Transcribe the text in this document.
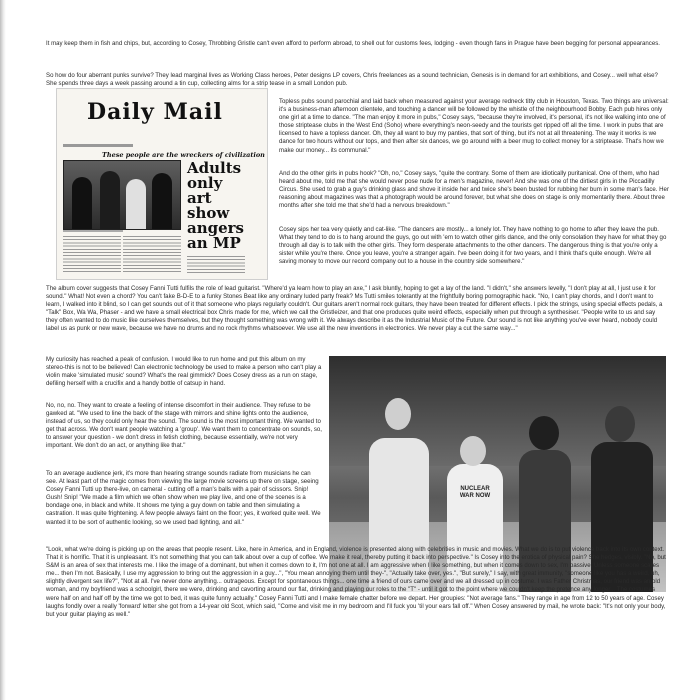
It may keep them in fish and chips, but, according to Cosey, Throbbing Gristle can't even afford to perform abroad, to shell out for customs fees, lodging - even though fans in Prague have been begging for personal appearances.

So how do four aberrant punks survive? They lead marginal lives as Working Class heroes, Peter designs LP covers, Chris freelances as a sound technician, Genesis is in demand for art exhibitions, and Cosey... well what else? She spends three days a week passing around a tin cup, collecting alms for a strip tease in a small London pub.

Daily Mail
These people are the wreckers of civilization
Adults
only
art
show
angers
an MP

Topless pubs sound parochial and laid back when measured against your average redneck titty club in Houston, Texas. Two things are universal: it's a business-man afternoon clientele, and touching a dancer will be followed by the whistle of the neighbourhood Bobby. Each pub hires only one girl at a time to dance. "The man enjoy it more in pubs," Cosey says, "because they're involved, it's personal, it's not like walking into one of those striptease clubs in the West End (Soho) where everything's neon-seedy and the tourists get ripped off all the time. I work in pubs that are licensed to have a topless dancer. Oh, they all want to buy my panties, that sort of thing, but it's not at all threatening. The way it works is we dance for two hours without our tops, and then after six dances, we go around with a beer mug to collect money for a striptease. That's how we make our money... its communal."

And do the other girls in pubs hook? "Oh, no," Cosey says, "quite the contrary. Some of them are idiotically puritanical. One of them, who had heard about me, told me that she would never pose nude for a men's magazine, never! And she was one of the dirtiest girls in the Piccadilly Circus. She used to grab a guy's drinking glass and shove it inside her and twice she's been busted for rubbing her bum in some man's face. Her reasoning about magazines was that a photograph would be around forever, but what she does on stage is only momentarily there. About three months after she told me that she'd had a nervous breakdown."

Cosey sips her tea very quietly and cat-like. "The dancers are mostly... a lonely lot. They have nothing to go home to after they leave the pub. What they tend to do is to hang around the guys, go out with 'em to watch other girls dance, and the only consolation they have for what they go through all day is to talk with the other girls. They form desperate attachments to the other dancers. The dangerous thing is that you're only a sister while you're there. Once you leave, you're a stranger again. I've been doing it for two years, and I think that's quite enough. We're all saving money to move our record company out to a house in the country side somewhere."

The album cover suggests that Cosey Fanni Tutti fulfils the role of lead guitarist. "Where'd ya learn how to play an axe," I ask bluntly, hoping to get a lay of the land. "I didn't," she answers levelly, "I don't play at all, I just use it for sound." What! Not even a chord? You can't fake B-D-E to a funky Stones Beat like any ordinary luded party freak? Ms Tutti smiles tolerantly at the frightfully boring pornographic hack. "No, I can't play chords, and I don't want to learn, I walked into it blind, so I can get sounds out of it that someone who plays regularly couldn't. Our guitars aren't normal rock guitars, they have been treated for different effects. I pick the strings, using special effects pedals, a "Talk" Box, Wa Wa, Phaser - and we have a small electrical box Chris made for me, which we call the Gristleizer, and that one produces quite weird effects, especially when put through a synthesiser. "People write to us and say they often wanted to do music like ourselves themselves, but they thought something was wrong with it. We always describe it as the Industrial Music of the Future. Our sound is not like anything you've ever heard, nobody could label us as punk or new wave, because we have no drums and no rock rhythms whatsoever. We use all the new inventions in electronics. We never play a cut the same way..."

My curiosity has reached a peak of confusion. I would like to run home and put this album on my stereo-this is not to be believed! Can electronic technology be used to make a person who can't play a violin make 'simulated music' sound? What's the real gimmick? Does Cosey dress as a run on stage, defiling herself with a crucifix and a handy bottle of catsup in hand.

No, no, no. They want to create a feeling of intense discomfort in their audience. They refuse to be gawked at. "We used to line the back of the stage with mirrors and shine lights onto the audience, instead of us, so they could only hear the sound. The sound is the most important thing. We wanted to get that across. We don't want people watching a 'group'. We want them to concentrate on sounds, so, to answer your question - we don't dress in fetish clothing, because essentially, we're not very important. We don't do an act, or anything like that."

To an average audience jerk, it's more than hearing strange sounds radiate from musicians he can see. At least part of the magic comes from viewing the large movie screens up there on stage, seeing Cosey Fanni Tutti up there-live, on cameral - cutting off a man's balls with a pair of scissors. Snip! Gush! Snip! "We made a film which we often show when we play live, and one of the scenes is a bondage one, in black and white. It shows me tying a guy down on table and then simulating a castration. It was quite frightening. A few people always faint on the floor; yes, it worked quite well. We wanted it to be sort of authentic looking, so we used bad lighting, and all."

NUCLEAR WAR NOW

"Look, what we're doing is picking up on the areas that people resent. Like, here in America, and in England, violence is presented along with celebrities in music and movies. What we do is to put violence back into its own context. That it is horrific. That it is unpleasant. It's not something that you can talk about over a cup of coffee. We make it real, thereby putting it back into perspective." Is Cosey into the erotica of physical pain? She hedges, visibly. "No, but S&M is an area of sex that interests me. I like the image of a dominant, but when it comes down to it, I'm not one at all. I am aggressive when I like something, but when it comes down to sex, I'm passive. Unless someone scares me... then I'm not. Basically, I use my aggression to bring out the aggression in a guy...", "You mean annoying them until they-", "Actually take over, yes.", "But surely," I say, with great immunity, "someone like you has a weird, uh, slightly divergent sex life?", "Not at all. I've never done anything... outrageous. Except for spontaneous things... one time a friend of ours came over and we all dressed up in costume. I was Father Christmas, our friend was an old woman, and my boyfriend was a schoolgirl, there we were, drinking and cavorting around our flat, drinking and playing our roles to the "T" - until it got to the point where we couldn't keep the pretence any longer... The costumes were half on and half off by the time we got to bed, it was quite funny actually." Cosey Fanni Tutti and I make female chatter before we depart. Her groupies: "Not average fans." They range in age from 12 to 50 years of age. Cosey laughs fondly over a really 'forward' letter she got from a 14-year old Scot, which said, "Come and visit me in my bedroom and I'll fuck you 'til your ears fall off." When Cosey answered by mail, he wrote back: "It's not only your body, but your guitar playing as well."
